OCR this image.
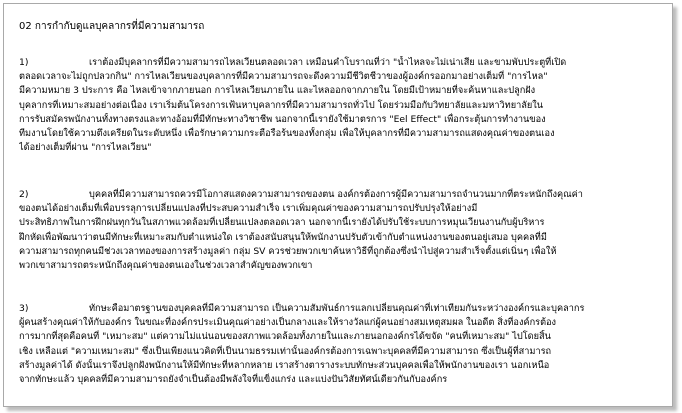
02 การกำกับดูแลบุคลากรที่มีความสามารถ
1)	เราต้องมีบุคลากรที่มีความสามารถไหลเวียนตลอดเวลา เหมือนคำโบราณที่ว่า "น้ำไหลจะไม่เน่าเสีย และขามพับประตูที่เปิด
ตลอดเวลาจะไม่ถูกปลวกกิน" การไหลเวียนของบุคลากรที่มีความสามารถจะดึงความมีชีวิตชีวาของผู้องค์กรออกมาอย่างเต็มที่ "การไหล"
มีความหมาย 3 ประการ คือ ไหลเข้าจากภายนอก การไหลเวียนภายใน และไหลออกจากภายใน โดยมีเป้าหมายที่จะค้นหาและปลูกฝัง
บุคลากรที่เหมาะสมอย่างต่อเนื่อง เราเริ่มต้นโครงการเฟ้นหาบุคลากรที่มีความสามารถทั่วไป โดยร่วมมือกับวิทยาลัยและมหาวิทยาลัยใน
การรับสมัครพนักงานทั้งทางตรงและทางอ้อมที่มีทักษะทางวิชาชีพ นอกจากนี้เรายังใช้มาตรการ "Eel Effect" เพื่อกระตุ้นการทำงานของ
ทีมงานโดยใช้ความตึงเครียดในระดับหนึ่ง เพื่อรักษาความกระตือรือร้นของทั้งกลุ่ม เพื่อให้บุคลากรที่มีความสามารถแสดงคุณค่าของตนเอง
ได้อย่างเต็มที่ผ่าน "การไหลเวียน"
2)	บุคคลที่มีความสามารถควรมีโอกาสแสดงความสามารถของตน องค์กรต้องการผู้มีความสามารถจำนวนมากที่ตระหนักถึงคุณค่า
ของตนได้อย่างเต็มที่เพื่อบรรลุการเปลี่ยนแปลงที่ประสบความสำเร็จ เราเพิ่มคุณค่าของความสามารถปรับปรุงให้อย่างมี
ประสิทธิภาพในการฝึกฝนทุกวันในสภาพแวดล้อมที่เปลี่ยนแปลงตลอดเวลา นอกจากนี้เรายังได้ปรับใช้ระบบการหมุนเวียนงานกับผู้บริหาร
ฝึกหัดเพื่อพัฒนาว่าตนมีทักษะที่เหมาะสมกับตำแหน่งใด เราต้องสนับสนุนให้พนักงานปรับตัวเข้ากับตำแหน่งงานของตนอยู่เสมอ บุคคลที่มี
ความสามารถทุกคนมีช่วงเวลาทองของการสร้างมูลค่า กลุ่ม SV ควรช่วยพวกเขาค้นหาวิธีที่ถูกต้องซึ่งนำไปสู่ความสำเร็จตั้งแต่เนิ่นๆ เพื่อให้
พวกเขาสามารถตระหนักถึงคุณค่าของตนเองในช่วงเวลาสำคัญของพวกเขา
3)	ทักษะคือมาตรฐานของบุคคลที่มีความสามารถ เป็นความสัมพันธ์การแลกเปลี่ยนคุณค่าที่เท่าเทียมกันระหว่างองค์กรและบุคลากร
ผู้คนสร้างคุณค่าให้กับองค์กร ในขณะที่องค์กรประเมินคุณค่าอย่างเป็นกลางและให้รางวัลแก่ผู้คนอย่างสมเหตุสมผล ในอดีต สิ่งที่องค์กรต้อง
การมากที่สุดคือคนที่ "เหมาะสม" แต่ความไม่แน่นอนของสภาพแวดล้อมทั้งภายในและภายนอกองค์กรได้ขจัด "คนที่เหมาะสม" ไปโดยสิ้น
เชิง เหลือแต่ "ความเหมาะสม" ซึ่งเป็นเพียงแนวคิดที่เป็นนามธรรมเท่านั้นองค์กรต้องการเฉพาะบุคคลที่มีความสามารถ ซึ่งเป็นผู้ที่สามารถ
สร้างมูลค่าได้ ดังนั้นเราจึงปลูกฝังพนักงานให้มีทักษะที่หลากหลาย เราสร้างตารางระบบทักษะส่วนบุคคลเพื่อให้พนักงานของเรา นอกเหนือ
จากทักษะแล้ว บุคคลที่มีความสามารถยังจำเป็นต้องมีพลังใจที่แข็งแกร่ง และแบ่งปันวิสัยทัศน์เดียวกันกับองค์กร
